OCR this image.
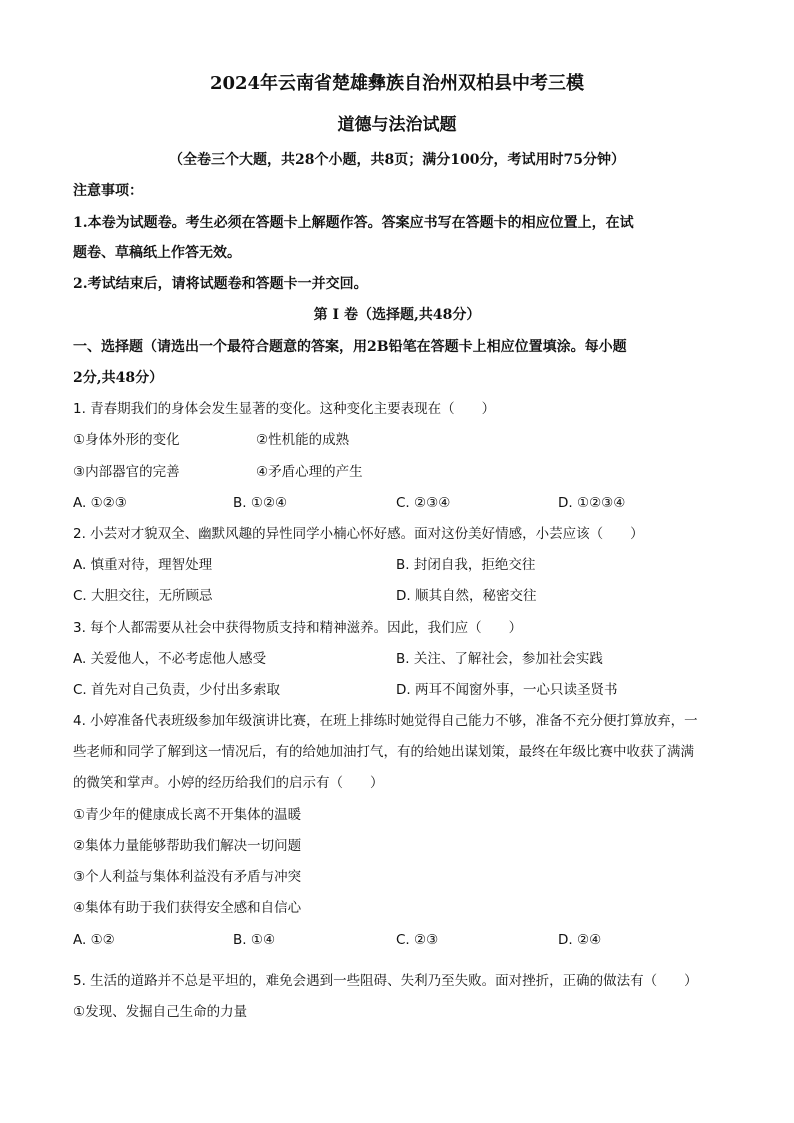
2024年云南省楚雄彝族自治州双柏县中考三模
道德与法治试题
（全卷三个大题，共28个小题，共8页；满分100分，考试用时75分钟）
注意事项：
1.本卷为试题卷。考生必须在答题卡上解题作答。答案应书写在答题卡的相应位置上，在试
题卷、草稿纸上作答无效。
2.考试结束后，请将试题卷和答题卡一并交回。
第 I 卷（选择题,共48分）
一、选择题（请选出一个最符合题意的答案，用2B铅笔在答题卡上相应位置填涂。每小题
2分,共48分）
1. 青春期我们的身体会发生显著的变化。这种变化主要表现在（　　）
①身体外形的变化	②性机能的成熟
③内部器官的完善	④矛盾心理的产生
A. ①②③	B. ①②④	C. ②③④	D. ①②③④
2. 小芸对才貌双全、幽默风趣的异性同学小楠心怀好感。面对这份美好情感，小芸应该（　　）
A. 慎重对待，理智处理	B. 封闭自我，拒绝交往
C. 大胆交往，无所顾忌	D. 顺其自然，秘密交往
3. 每个人都需要从社会中获得物质支持和精神滋养。因此，我们应（　　）
A. 关爱他人，不必考虑他人感受	B. 关注、了解社会，参加社会实践
C. 首先对自己负责，少付出多索取	D. 两耳不闻窗外事，一心只读圣贤书
4. 小婷准备代表班级参加年级演讲比赛，在班上排练时她觉得自己能力不够，准备不充分便打算放弃，一
些老师和同学了解到这一情况后，有的给她加油打气，有的给她出谋划策，最终在年级比赛中收获了满满
的微笑和掌声。小婷的经历给我们的启示有（　　）
①青少年的健康成长离不开集体的温暖
②集体力量能够帮助我们解决一切问题
③个人利益与集体利益没有矛盾与冲突
④集体有助于我们获得安全感和自信心
A. ①②	B. ①④	C. ②③	D. ②④
5. 生活的道路并不总是平坦的，难免会遇到一些阻碍、失利乃至失败。面对挫折，正确的做法有（　　）
①发现、发掘自己生命的力量
